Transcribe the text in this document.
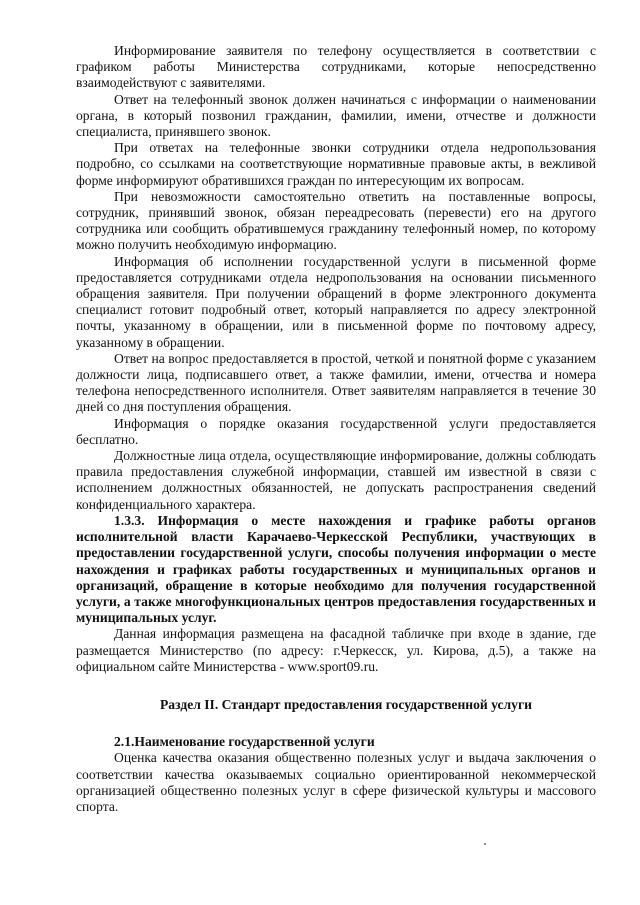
Информирование заявителя по телефону осуществляется в соответствии с графиком работы Министерства сотрудниками, которые непосредственно взаимодействуют с заявителями.

Ответ на телефонный звонок должен начинаться с информации о наименовании органа, в который позвонил гражданин, фамилии, имени, отчестве и должности специалиста, принявшего звонок.

При ответах на телефонные звонки сотрудники отдела недропользования подробно, со ссылками на соответствующие нормативные правовые акты, в вежливой форме информируют обратившихся граждан по интересующим их вопросам.

При невозможности самостоятельно ответить на поставленные вопросы, сотрудник, принявший звонок, обязан переадресовать (перевести) его на другого сотрудника или сообщить обратившемуся гражданину телефонный номер, по которому можно получить необходимую информацию.

Информация об исполнении государственной услуги в письменной форме предоставляется сотрудниками отдела недропользования на основании письменного обращения заявителя. При получении обращений в форме электронного документа специалист готовит подробный ответ, который направляется по адресу электронной почты, указанному в обращении, или в письменной форме по почтовому адресу, указанному в обращении.

Ответ на вопрос предоставляется в простой, четкой и понятной форме с указанием должности лица, подписавшего ответ, а также фамилии, имени, отчества и номера телефона непосредственного исполнителя. Ответ заявителям направляется в течение 30 дней со дня поступления обращения.

Информация о порядке оказания государственной услуги предоставляется бесплатно.

Должностные лица отдела, осуществляющие информирование, должны соблюдать правила предоставления служебной информации, ставшей им известной в связи с исполнением должностных обязанностей, не допускать распространения сведений конфиденциального характера.

1.3.3. Информация о месте нахождения и графике работы органов исполнительной власти Карачаево-Черкесской Республики, участвующих в предоставлении государственной услуги, способы получения информации о месте нахождения и графиках работы государственных и муниципальных органов и организаций, обращение в которые необходимо для получения государственной услуги, а также многофункциональных центров предоставления государственных и муниципальных услуг.

Данная информация размещена на фасадной табличке при входе в здание, где размещается Министерство (по адресу: г.Черкесск, ул. Кирова, д.5), а также на официальном сайте Министерства - www.sport09.ru.

Раздел II. Стандарт предоставления государственной услуги

2.1.Наименование государственной услуги

Оценка качества оказания общественно полезных услуг и выдача заключения о соответствии качества оказываемых социально ориентированной некоммерческой организацией общественно полезных услуг в сфере физической культуры и массового спорта.
